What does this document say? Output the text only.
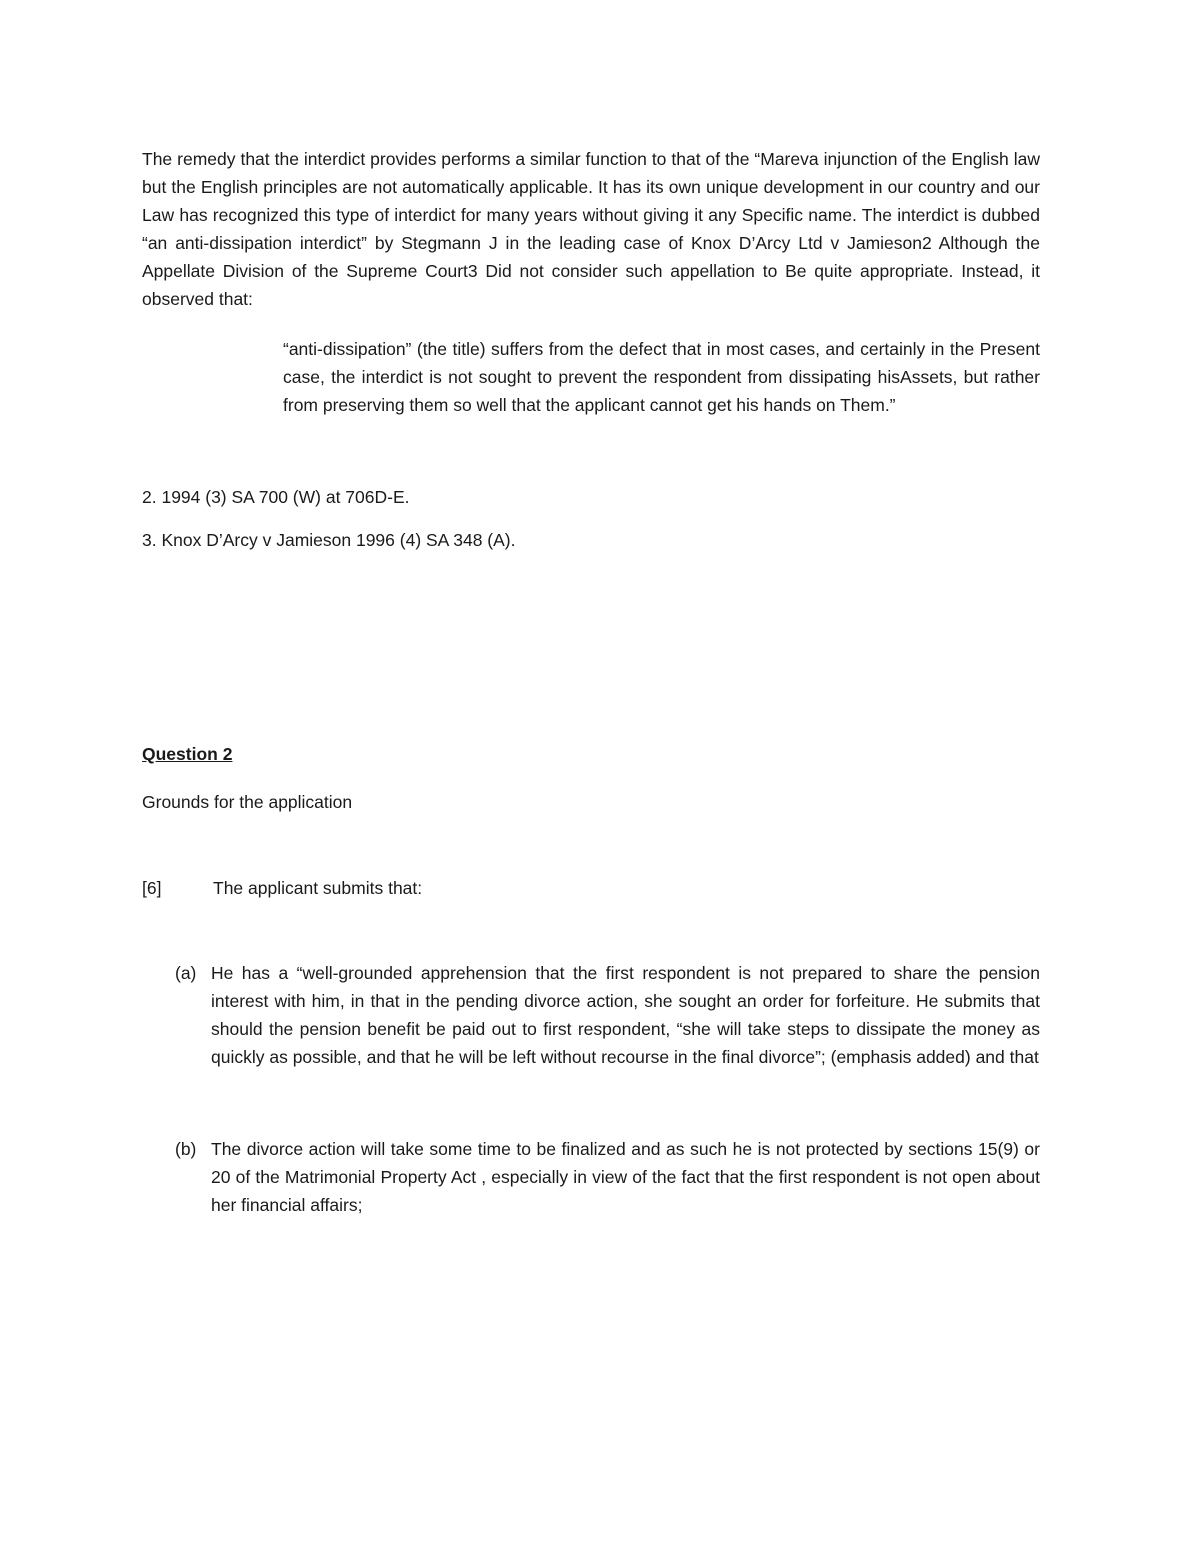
The remedy that the interdict provides performs a similar function to that of the “Mareva injunction of the English law but the English principles are not automatically applicable. It has its own unique development in our country and our Law has recognized this type of interdict for many years without giving it any Specific name. The interdict is dubbed “an anti-dissipation interdict” by Stegmann J in the leading case of Knox D’Arcy Ltd v Jamieson2 Although the Appellate Division of the Supreme Court3 Did not consider such appellation to Be quite appropriate. Instead, it observed that:

“anti-dissipation” (the title) suffers from the defect that in most cases, and certainly in the Present case, the interdict is not sought to prevent the respondent from dissipating hisAssets, but rather from preserving them so well that the applicant cannot get his hands on Them.”

2. 1994 (3) SA 700 (W) at 706D-E.

3. Knox D’Arcy v Jamieson 1996 (4) SA 348 (A).

Question 2

Grounds for the application

[6]	The applicant submits that:
(a) He has a “well-grounded apprehension that the first respondent is not prepared to share the pension interest with him, in that in the pending divorce action, she sought an order for forfeiture. He submits that should the pension benefit be paid out to first respondent, “she will take steps to dissipate the money as quickly as possible, and that he will be left without recourse in the final divorce”; (emphasis added) and that
(b) The divorce action will take some time to be finalized and as such he is not protected by sections 15(9) or 20 of the Matrimonial Property Act , especially in view of the fact that the first respondent is not open about her financial affairs;
